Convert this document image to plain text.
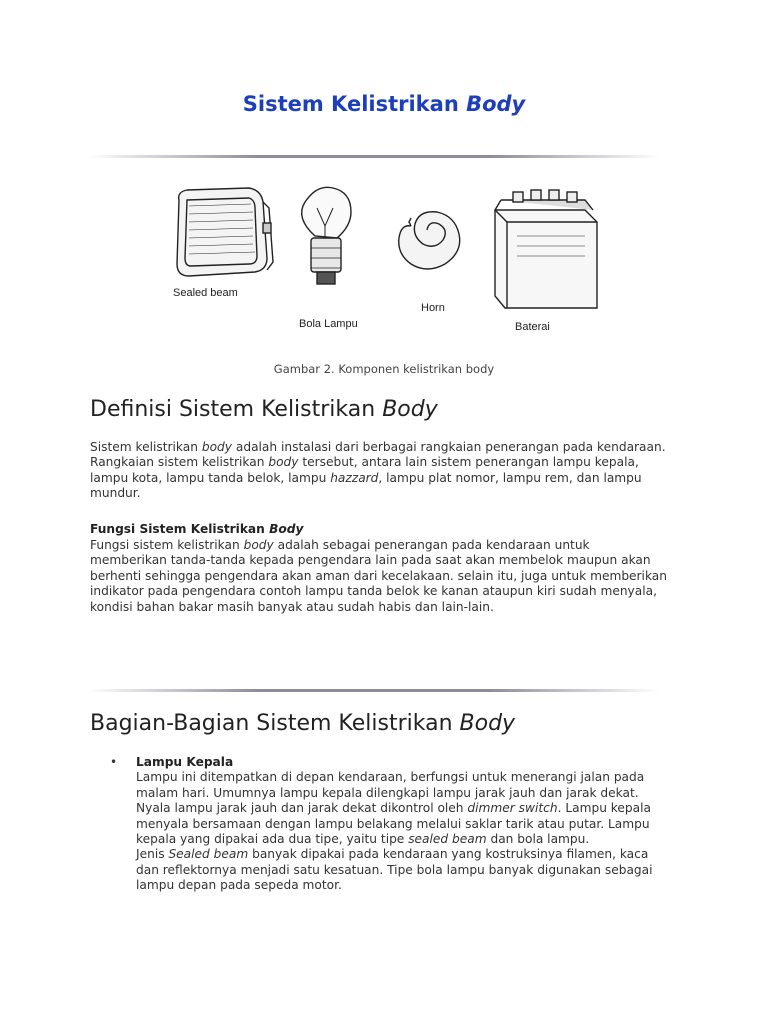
Sistem Kelistrikan Body
Sealed beam
Bola Lampu
Horn
Baterai
Gambar 2. Komponen kelistrikan body
Definisi Sistem Kelistrikan Body

Sistem kelistrikan body adalah instalasi dari berbagai rangkaian penerangan pada kendaraan. Rangkaian sistem kelistrikan body tersebut, antara lain sistem penerangan lampu kepala, lampu kota, lampu tanda belok, lampu hazzard, lampu plat nomor, lampu rem, dan lampu mundur.

Fungsi Sistem Kelistrikan Body

Fungsi sistem kelistrikan body adalah sebagai penerangan pada kendaraan untuk memberikan tanda-tanda kepada pengendara lain pada saat akan membelok maupun akan berhenti sehingga pengendara akan aman dari kecelakaan. selain itu, juga untuk memberikan indikator pada pengendara contoh lampu tanda belok ke kanan ataupun kiri sudah menyala, kondisi bahan bakar masih banyak atau sudah habis dan lain-lain.

Bagian-Bagian Sistem Kelistrikan Body
• Lampu Kepala
Lampu ini ditempatkan di depan kendaraan, berfungsi untuk menerangi jalan pada malam hari. Umumnya lampu kepala dilengkapi lampu jarak jauh dan jarak dekat. Nyala lampu jarak jauh dan jarak dekat dikontrol oleh dimmer switch. Lampu kepala menyala bersamaan dengan lampu belakang melalui saklar tarik atau putar. Lampu kepala yang dipakai ada dua tipe, yaitu tipe sealed beam dan bola lampu.
Jenis Sealed beam banyak dipakai pada kendaraan yang kostruksinya filamen, kaca dan reflektornya menjadi satu kesatuan. Tipe bola lampu banyak digunakan sebagai lampu depan pada sepeda motor.
